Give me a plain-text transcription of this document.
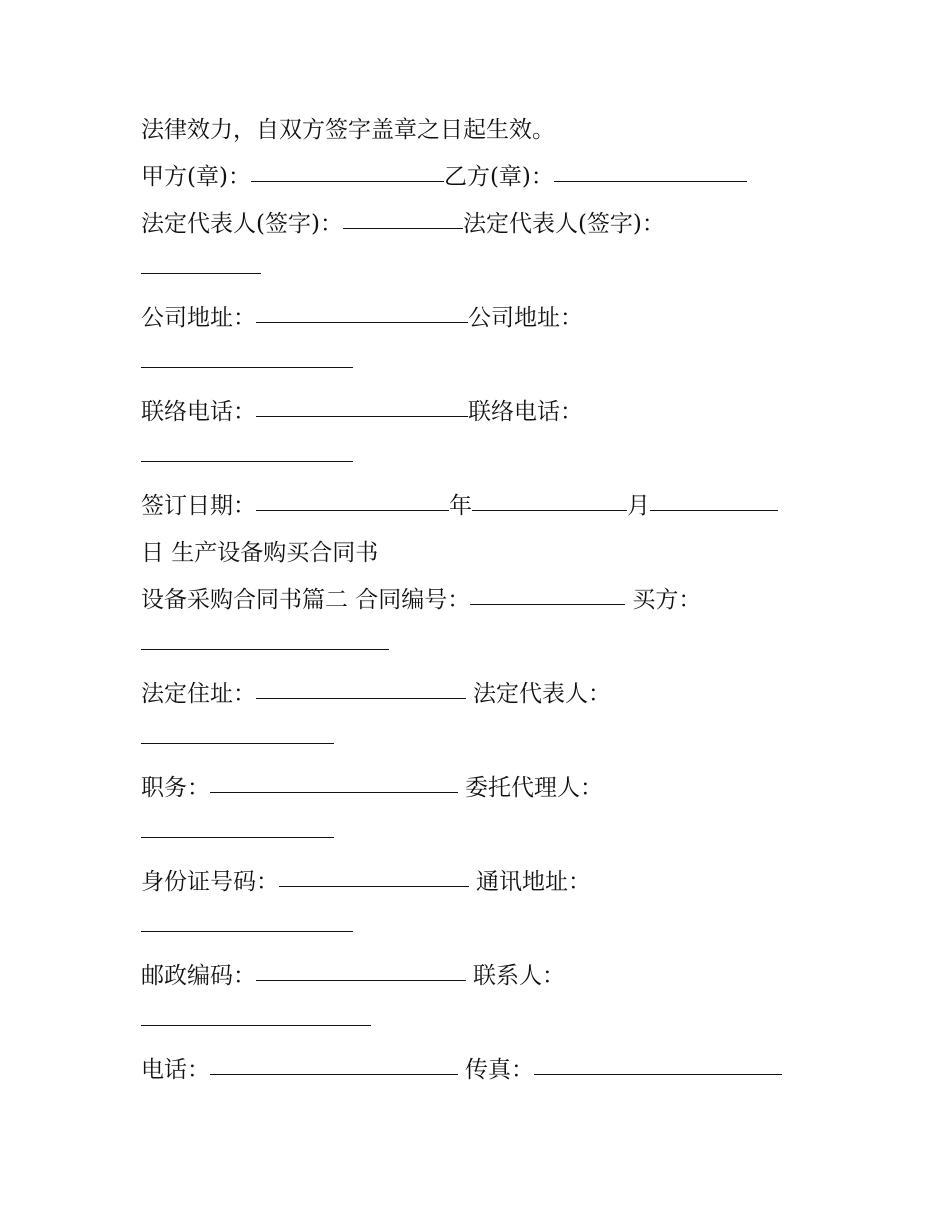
法律效力，自双方签字盖章之日起生效。
甲方(章)：	乙方(章)：
法定代表人(签字)：	法定代表人(签字)：
公司地址：	公司地址：
联络电话：	联络电话：
签订日期：	年	月
日 生产设备购买合同书
设备采购合同书篇二 合同编号：	买方：
法定住址：	法定代表人：
职务：	委托代理人：
身份证号码：	通讯地址：
邮政编码：	联系人：
电话：	传真：
